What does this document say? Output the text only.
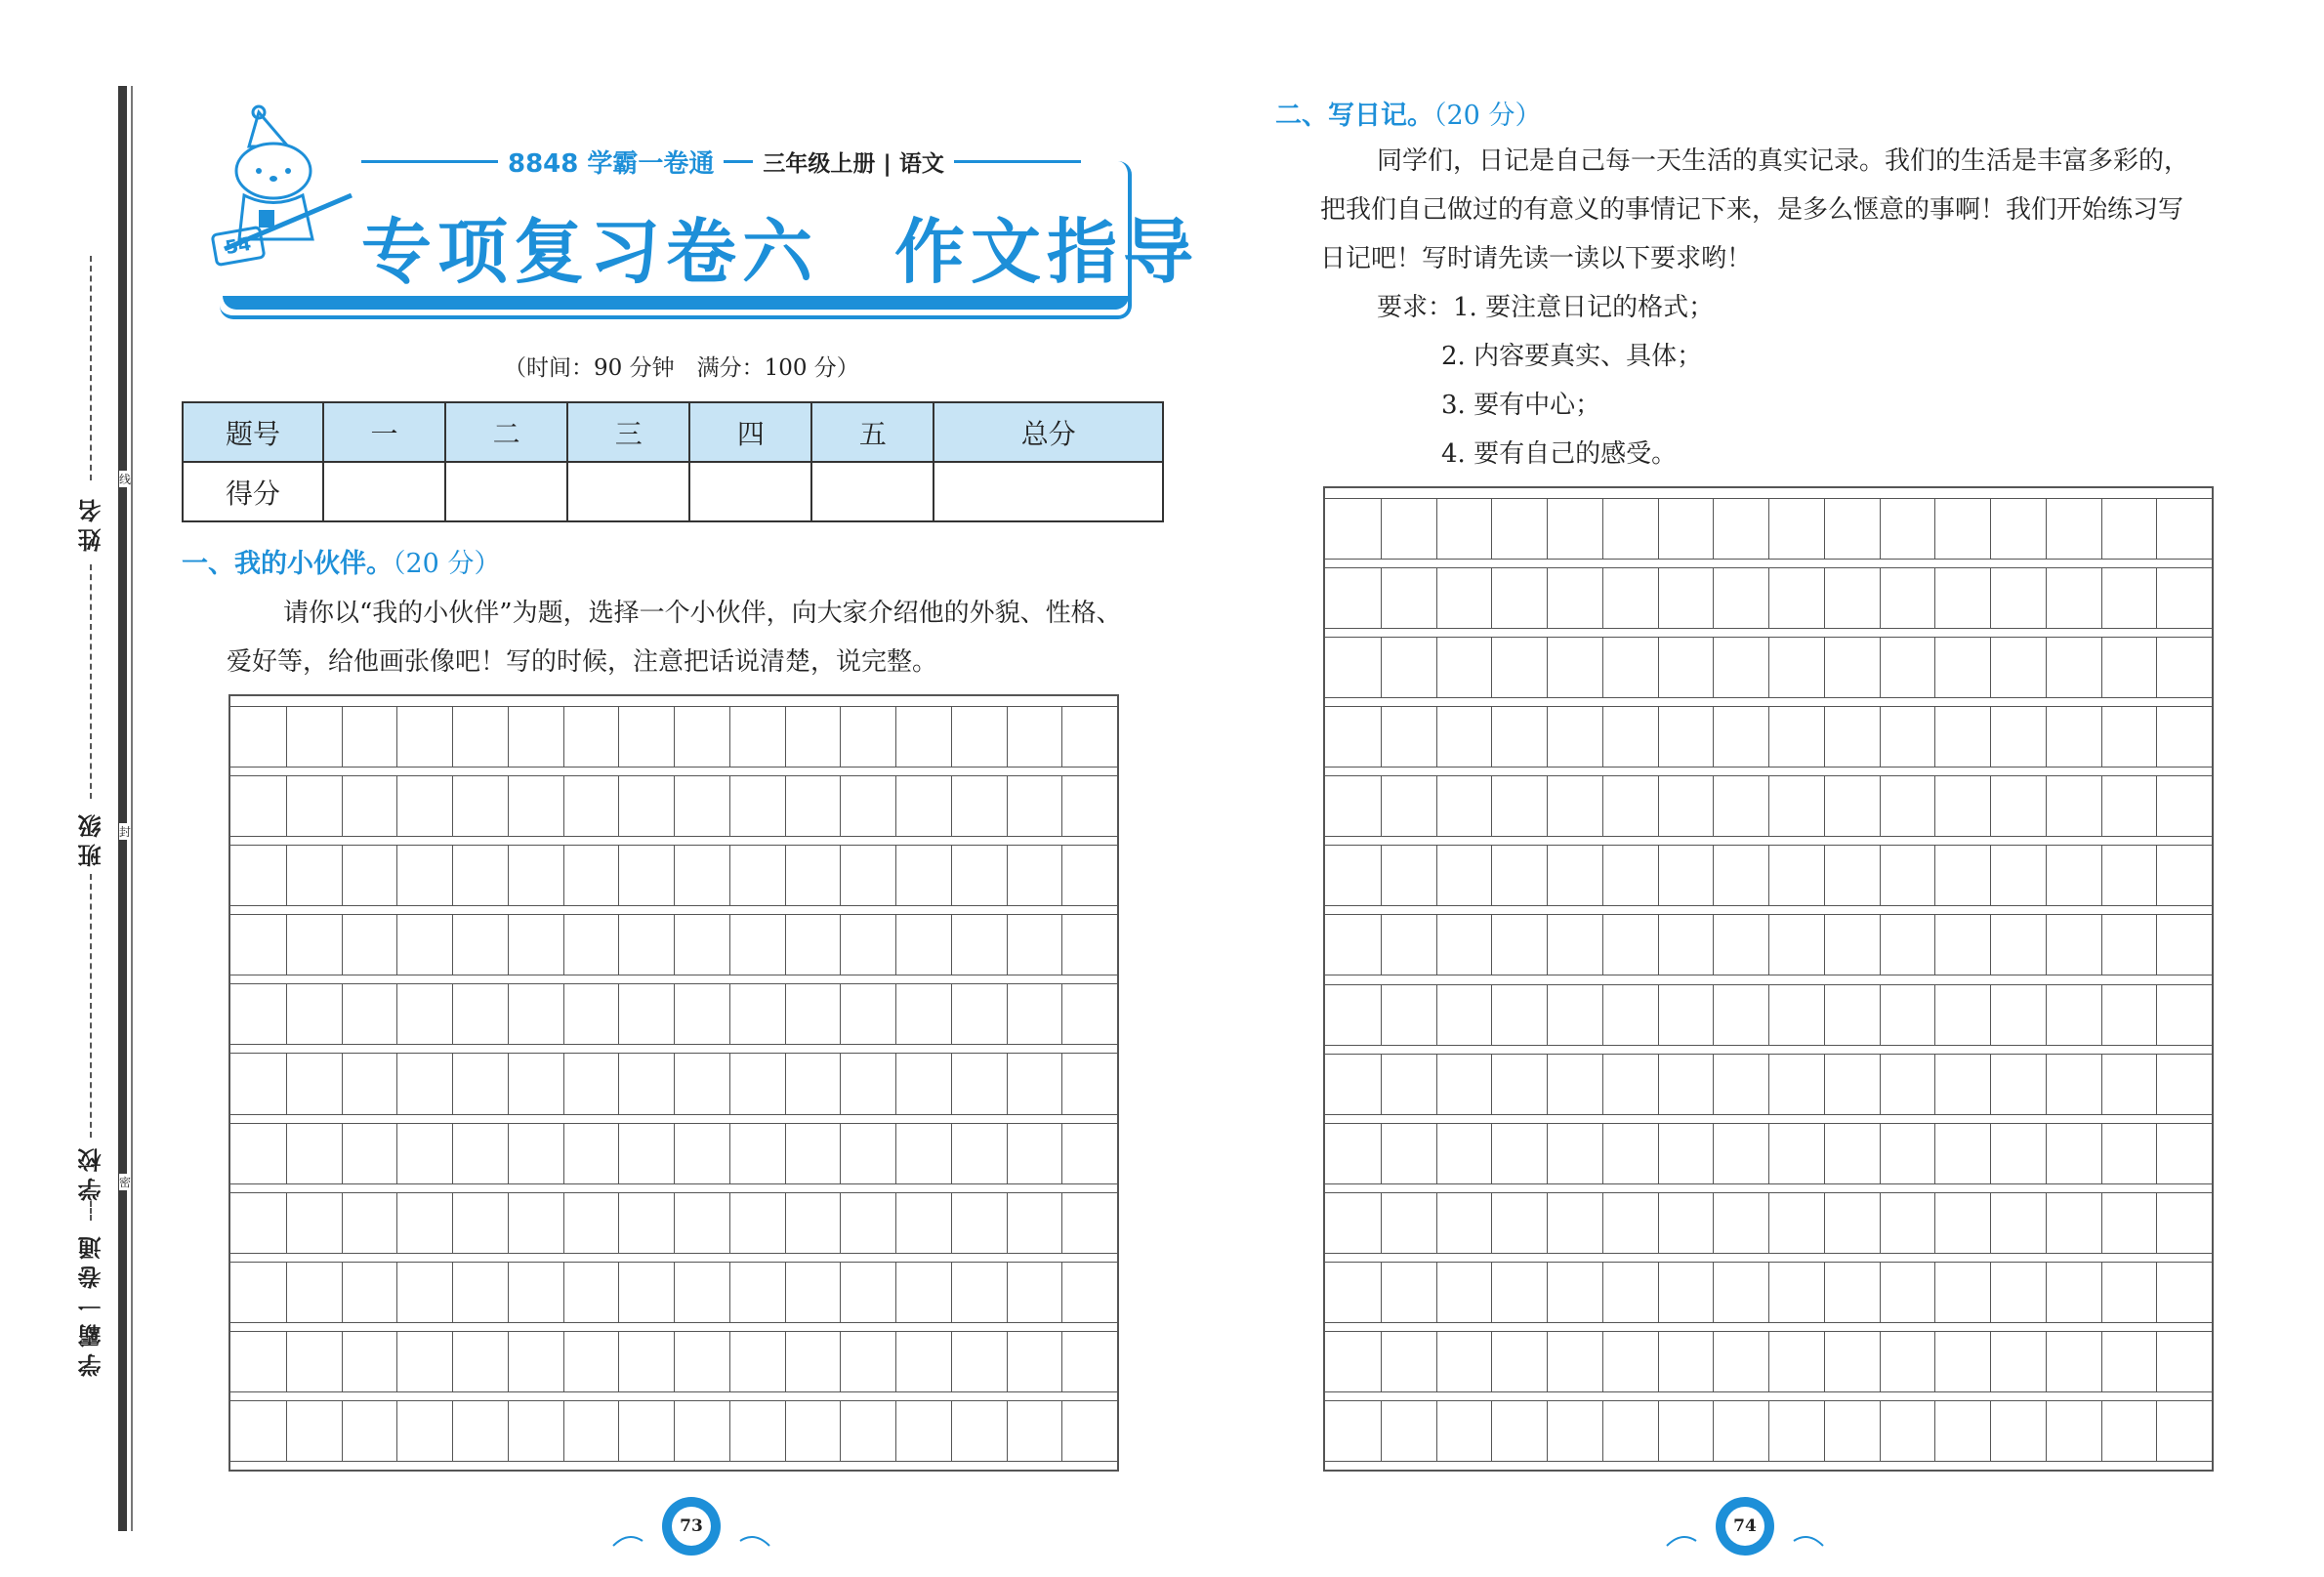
姓名
班级
学校
学霸一卷通
线
封
密
54
8848 学霸一卷通 三年级上册 | 语文
专项复习卷六　作文指导
（时间：90 分钟　满分：100 分）
题号	一	二	三	四	五	总分
得分						
一、我的小伙伴。（20 分）
请你以“我的小伙伴”为题，选择一个小伙伴，向大家介绍他的外貌、性格、
爱好等，给他画张像吧！写的时候，注意把话说清楚，说完整。
二、写日记。（20 分）
同学们，日记是自己每一天生活的真实记录。我们的生活是丰富多彩的，
把我们自己做过的有意义的事情记下来，是多么惬意的事啊！我们开始练习写
日记吧！写时请先读一读以下要求哟！
要求：1. 要注意日记的格式；
2. 内容要真实、具体；
3. 要有中心；
4. 要有自己的感受。
73	74
